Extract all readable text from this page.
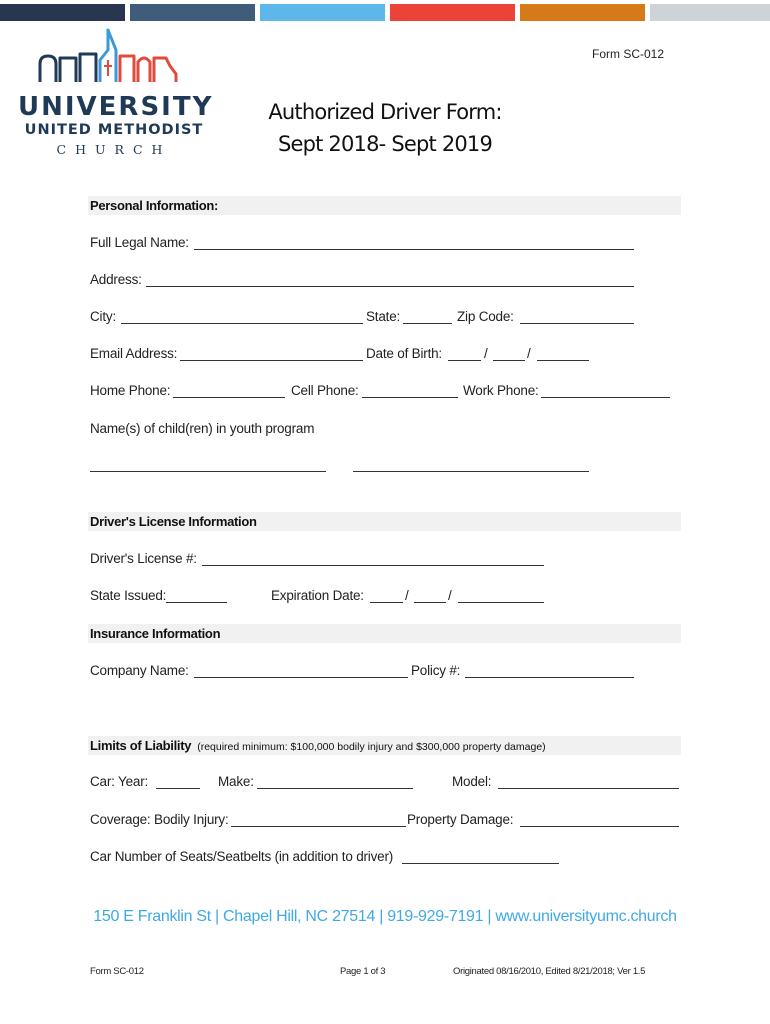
Form SC-012
UNIVERSITY
UNITED METHODIST
CHURCH
Authorized Driver Form:
Sept 2018- Sept 2019
Personal Information:
Full Legal Name:
Address:
City:	State:	Zip Code:
Email Address:	Date of Birth:	/	/
Home Phone:	Cell Phone:	Work Phone:
Name(s) of child(ren) in youth program
Driver's License Information
Driver's License #:
State Issued:	Expiration Date:	/	/
Insurance Information
Company Name:	Policy #:
Limits of Liability (required minimum: $100,000 bodily injury and $300,000 property damage)
Car: Year:	Make:	Model:
Coverage: Bodily Injury:	Property Damage:
Car Number of Seats/Seatbelts (in addition to driver)
150 E Franklin St | Chapel Hill, NC 27514 | 919-929-7191 | www.universityumc.church
Form SC-012	Page 1 of 3	Originated 08/16/2010, Edited 8/21/2018; Ver 1.5
